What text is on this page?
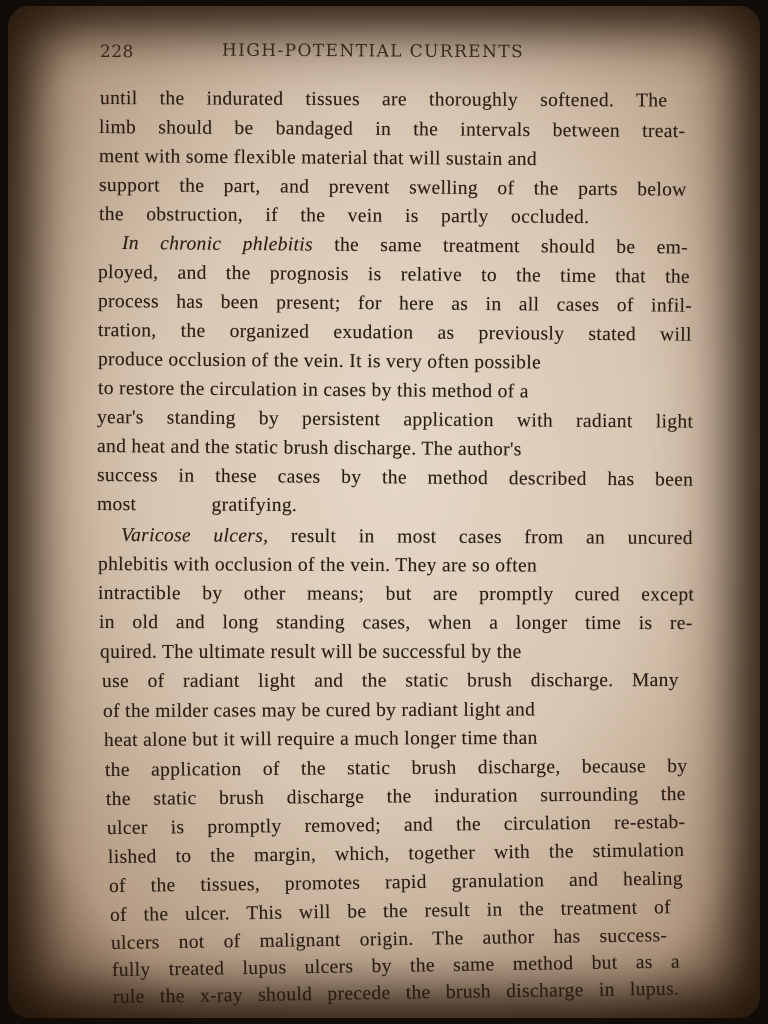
228	HIGH-POTENTIAL CURRENTS
until the indurated tissues are thoroughly softened. The
limb should be bandaged in the intervals between treat-
ment with some flexible material that will sustain and
support the part, and prevent swelling of the parts below
the obstruction, if the vein is partly occluded.
In chronic phlebitis the same treatment should be em-
ployed, and the prognosis is relative to the time that the
process has been present; for here as in all cases of infil-
tration, the organized exudation as previously stated will
produce occlusion of the vein. It is very often possible
to restore the circulation in cases by this method of a
year's standing by persistent application with radiant light
and heat and the static brush discharge. The author's
success in these cases by the method described has been
most gratifying.
Varicose ulcers, result in most cases from an uncured
phlebitis with occlusion of the vein. They are so often
intractible by other means; but are promptly cured except
in old and long standing cases, when a longer time is re-
quired. The ultimate result will be successful by the
use of radiant light and the static brush discharge. Many
of the milder cases may be cured by radiant light and
heat alone but it will require a much longer time than
the application of the static brush discharge, because by
the static brush discharge the induration surrounding the
ulcer is promptly removed; and the circulation re-estab-
lished to the margin, which, together with the stimulation
of the tissues, promotes rapid granulation and healing
of the ulcer. This will be the result in the treatment of
ulcers not of malignant origin. The author has success-
fully treated lupus ulcers by the same method but as a
rule the x-ray should precede the brush discharge in lupus.
